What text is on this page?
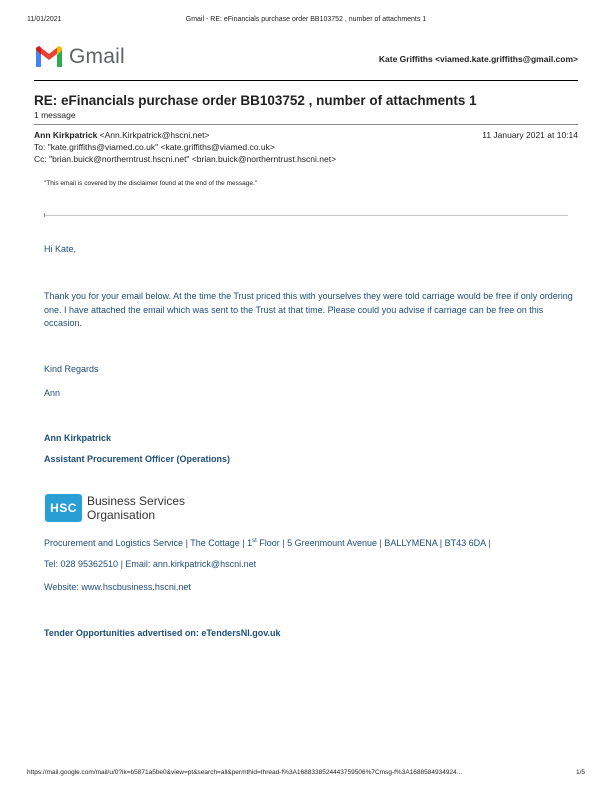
11/01/2021	Gmail - RE: eFinancials purchase order BB103752 , number of attachments 1
Gmail	Kate Griffiths <viamed.kate.griffiths@gmail.com>
RE: eFinancials purchase order BB103752 , number of attachments 1
1 message
Ann Kirkpatrick <Ann.Kirkpatrick@hscni.net>	11 January 2021 at 10:14
To: "kate.griffiths@viamed.co.uk" <kate.griffiths@viamed.co.uk>
Cc: "brian.buick@northerntrust.hscni.net" <brian.buick@northerntrust.hscni.net>
"This email is covered by the disclaimer found at the end of the message."
Hi Kate,
Thank you for your email below. At the time the Trust priced this with yourselves they were told carriage would be free if only ordering one. I have attached the email which was sent to the Trust at that time. Please could you advise if carriage can be free on this occasion.
Kind Regards
Ann
Ann Kirkpatrick
Assistant Procurement Officer (Operations)
HSC Business Services
Organisation
Procurement and Logistics Service | The Cottage | 1st Floor | 5 Greenmount Avenue | BALLYMENA | BT43 6DA |
Tel: 028 95362510 | Email: ann.kirkpatrick@hscni.net
Website: www.hscbusiness.hscni.net
Tender Opportunities advertised on: eTendersNI.gov.uk
https://mail.google.com/mail/u/0?ik=b5871a5be0&view=pt&search=all&permthid=thread-f%3A1688338524443759506%7Cmsg-f%3A1688584934924...	1/5
